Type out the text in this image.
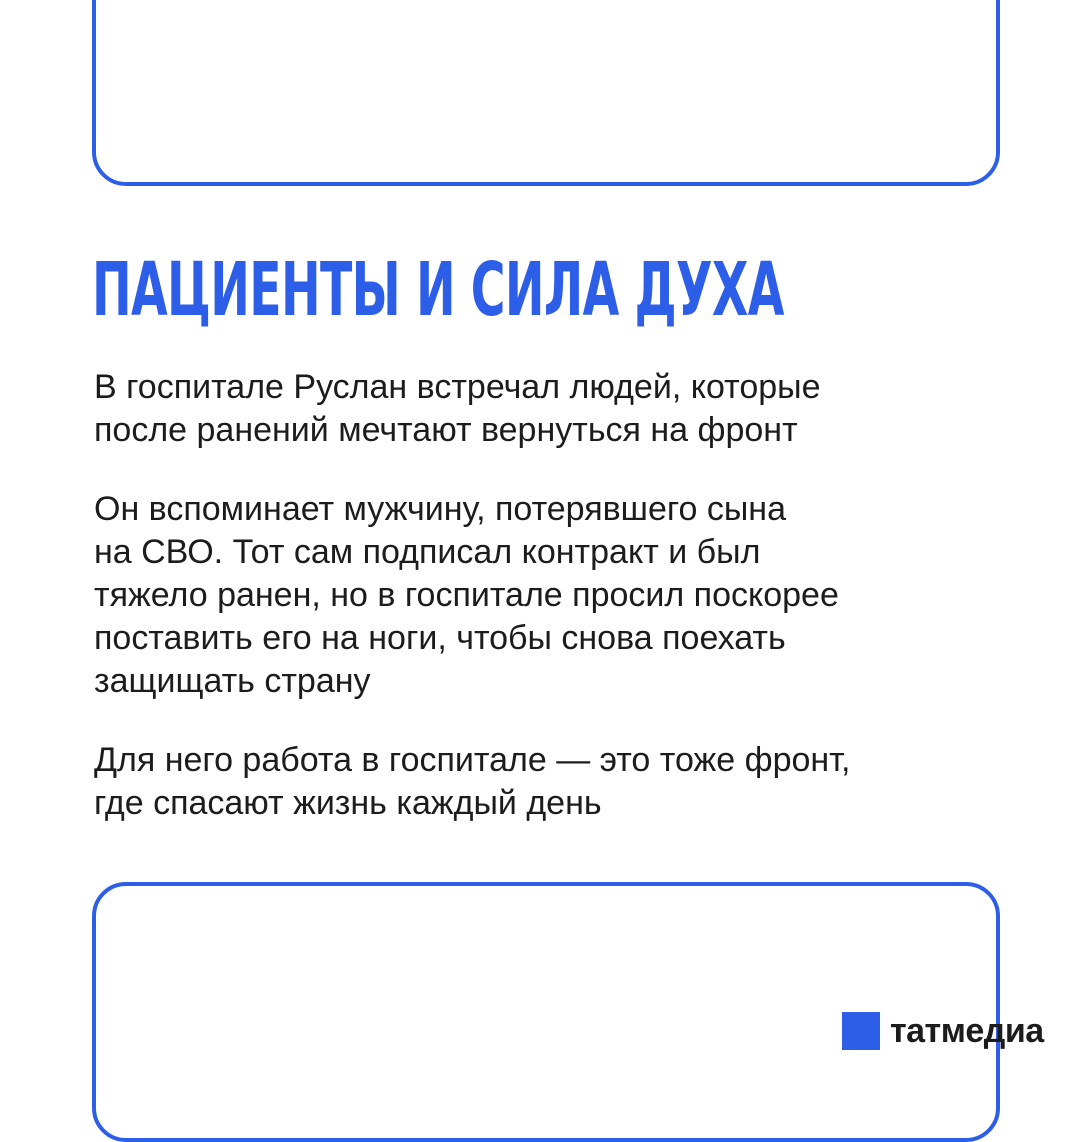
ПАЦИЕНТЫ И СИЛА ДУХА

В госпитале Руслан встречал людей, которые
после ранений мечтают вернуться на фронт

Он вспоминает мужчину, потерявшего сына
на СВО. Тот сам подписал контракт и был
тяжело ранен, но в госпитале просил поскорее
поставить его на ноги, чтобы снова поехать
защищать страну

Для него работа в госпитале — это тоже фронт,
где спасают жизнь каждый день

татмедиа
